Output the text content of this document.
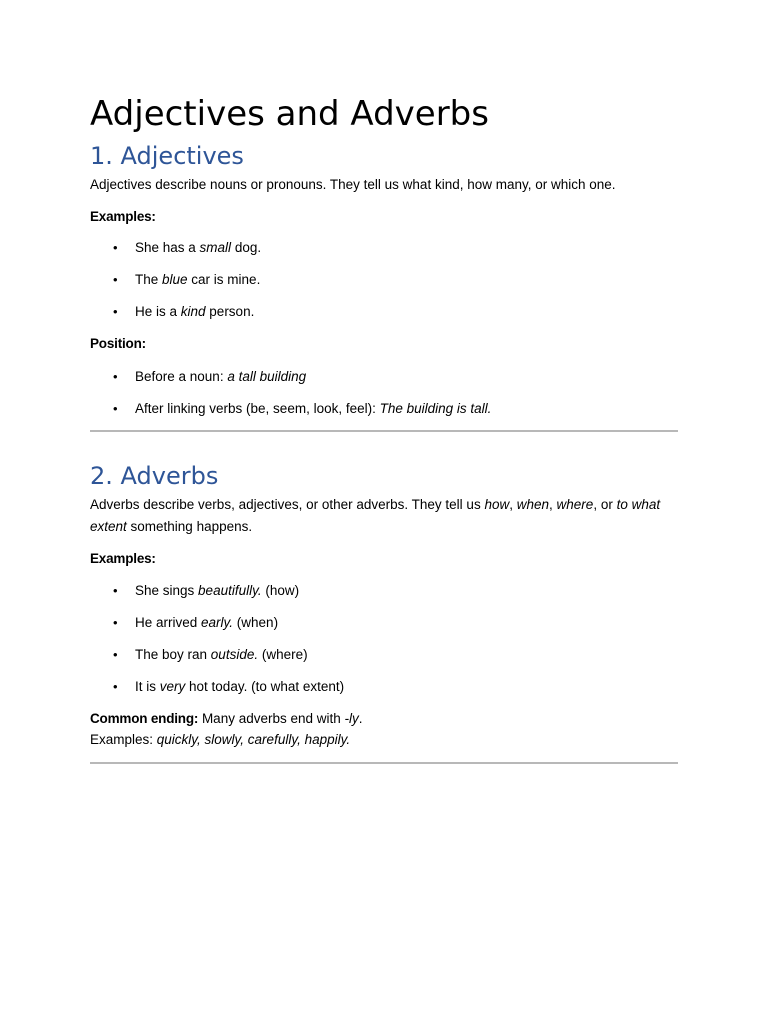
Adjectives and Adverbs
1. Adjectives

Adjectives describe nouns or pronouns. They tell us what kind, how many, or which one.

Examples:

• She has a small dog.
• The blue car is mine.
• He is a kind person.

Position:

• Before a noun: a tall building
• After linking verbs (be, seem, look, feel): The building is tall.
2. Adverbs

Adverbs describe verbs, adjectives, or other adverbs. They tell us how, when, where, or to what extent something happens.

Examples:

• She sings beautifully. (how)
• He arrived early. (when)
• The boy ran outside. (where)
• It is very hot today. (to what extent)

Common ending: Many adverbs end with -ly.

Examples: quickly, slowly, carefully, happily.
